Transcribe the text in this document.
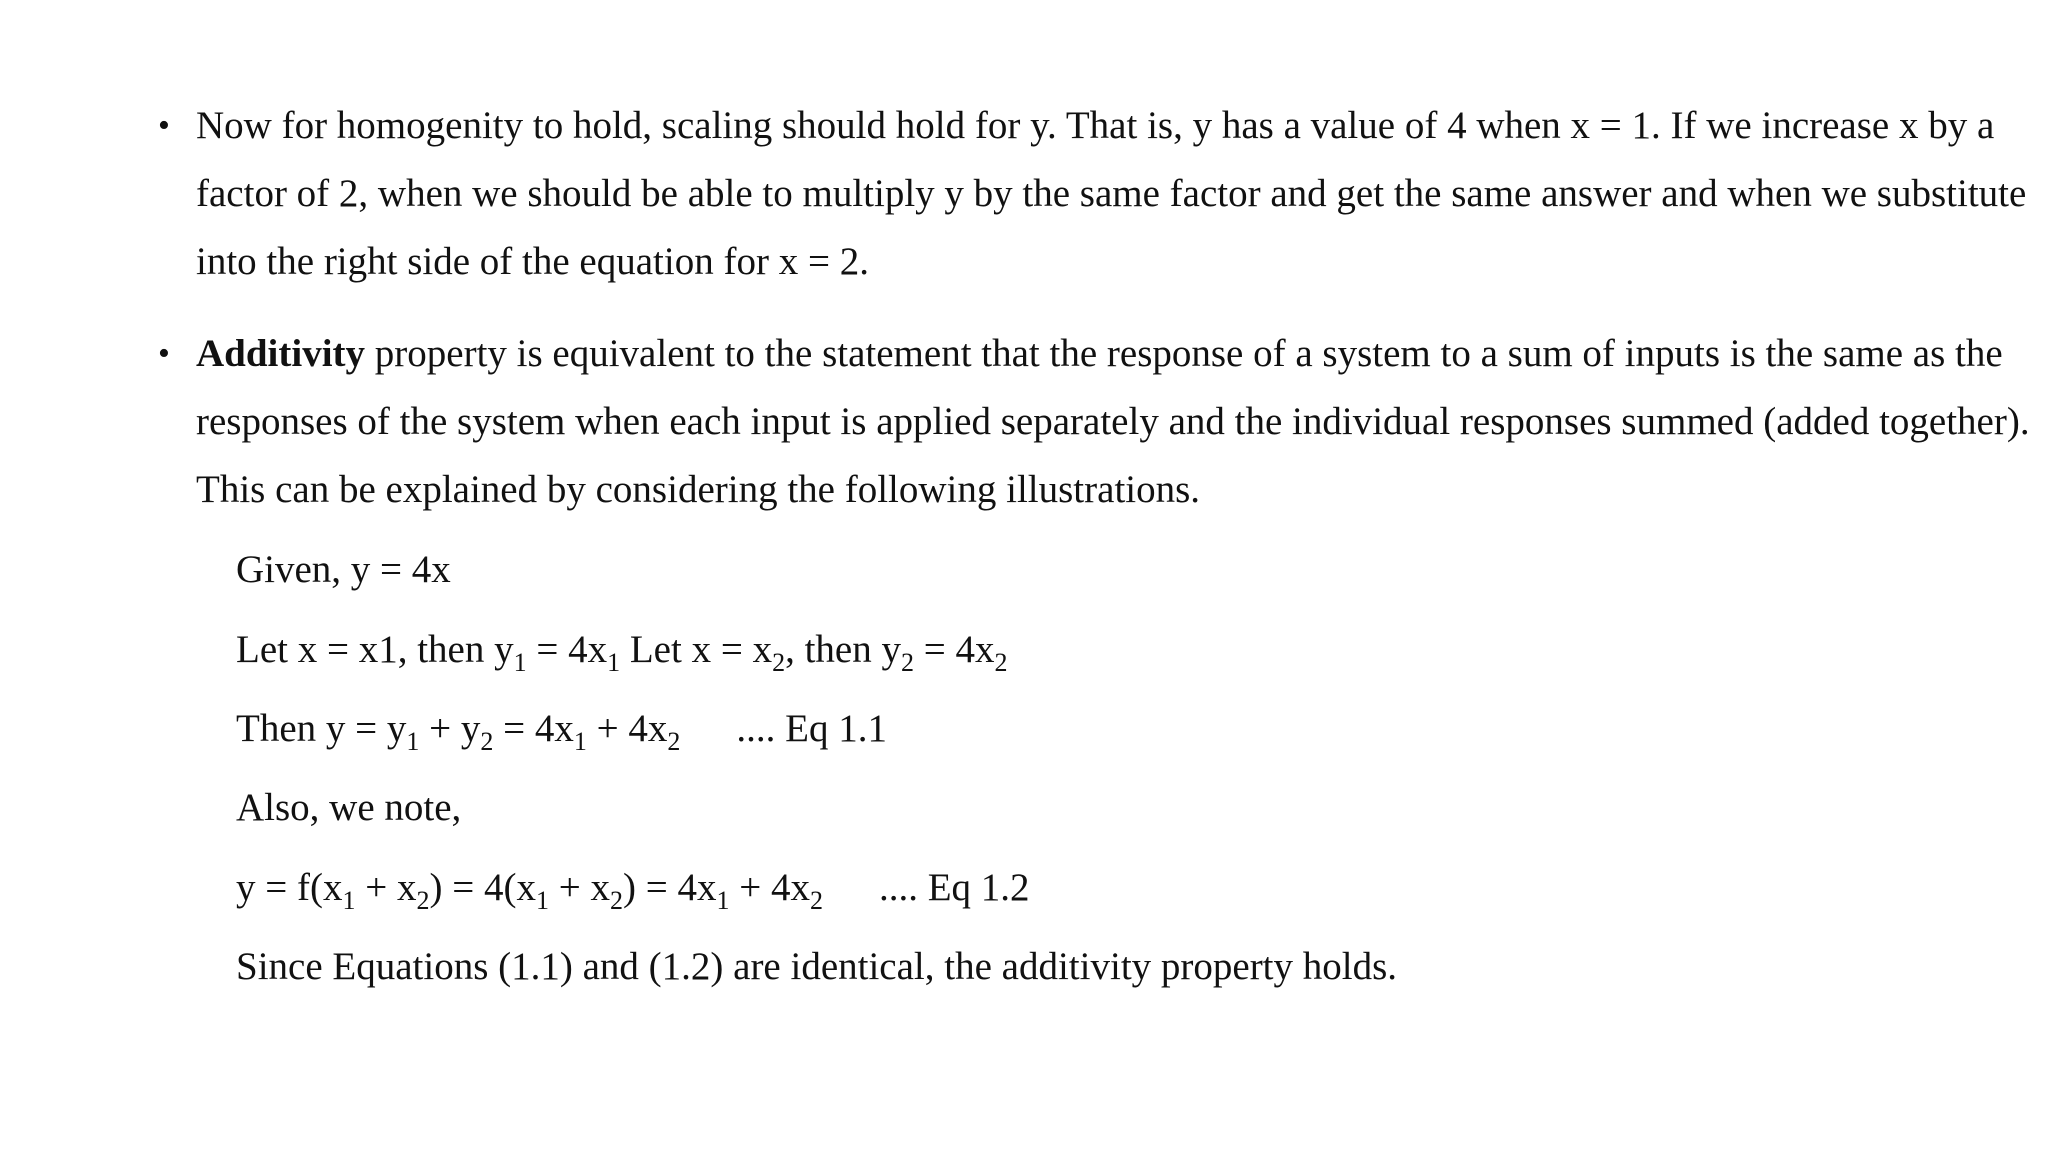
• Now for homogenity to hold, scaling should hold for y. That is, y has a value of 4 when x = 1. If we increase x by a factor of 2, when we should be able to multiply y by the same factor and get the same answer and when we substitute into the right side of the equation for x = 2.
• Additivity property is equivalent to the statement that the response of a system to a sum of inputs is the same as the responses of the system when each input is applied separately and the individual responses summed (added together). This can be explained by considering the following illustrations.
Given, y = 4x
Let x = x1, then $y_1 = 4x_1$ Let $x = x_2$, then $y_2 = 4x_2$
Then $y = y_1 + y_2 = 4x_1 + 4x_2$ .... Eq 1.1
Also, we note,
$y = f(x_1 + x_2) = 4(x_1 + x_2) = 4x_1 + 4x_2$ .... Eq 1.2
Since Equations (1.1) and (1.2) are identical, the additivity property holds.
